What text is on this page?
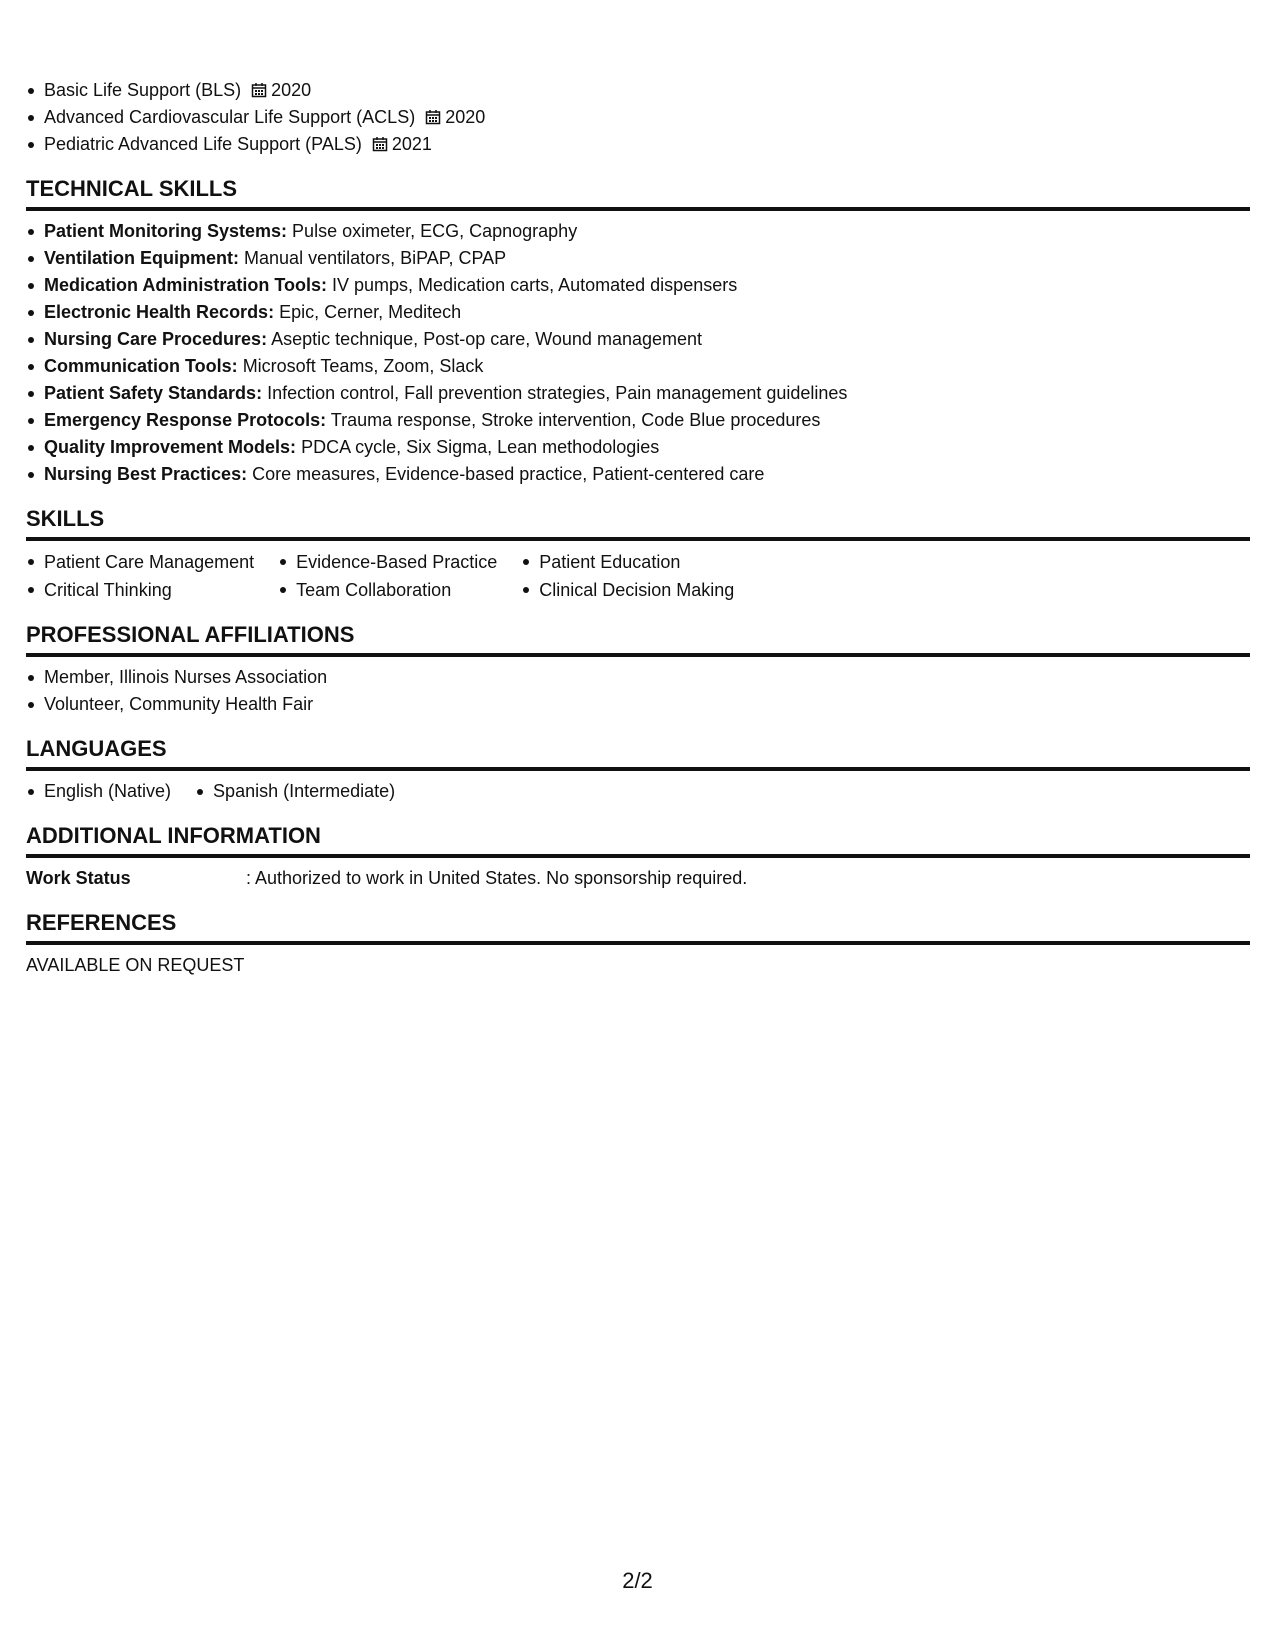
Basic Life Support (BLS) 2020
Advanced Cardiovascular Life Support (ACLS) 2020
Pediatric Advanced Life Support (PALS) 2021
TECHNICAL SKILLS
Patient Monitoring Systems: Pulse oximeter, ECG, Capnography
Ventilation Equipment: Manual ventilators, BiPAP, CPAP
Medication Administration Tools: IV pumps, Medication carts, Automated dispensers
Electronic Health Records: Epic, Cerner, Meditech
Nursing Care Procedures: Aseptic technique, Post-op care, Wound management
Communication Tools: Microsoft Teams, Zoom, Slack
Patient Safety Standards: Infection control, Fall prevention strategies, Pain management guidelines
Emergency Response Protocols: Trauma response, Stroke intervention, Code Blue procedures
Quality Improvement Models: PDCA cycle, Six Sigma, Lean methodologies
Nursing Best Practices: Core measures, Evidence-based practice, Patient-centered care
SKILLS
Patient Care Management
Critical Thinking
Evidence-Based Practice
Team Collaboration
Patient Education
Clinical Decision Making
PROFESSIONAL AFFILIATIONS
Member, Illinois Nurses Association
Volunteer, Community Health Fair
LANGUAGES
English (Native)	Spanish (Intermediate)
ADDITIONAL INFORMATION
Work Status	: Authorized to work in United States. No sponsorship required.
REFERENCES
AVAILABLE ON REQUEST
2/2
